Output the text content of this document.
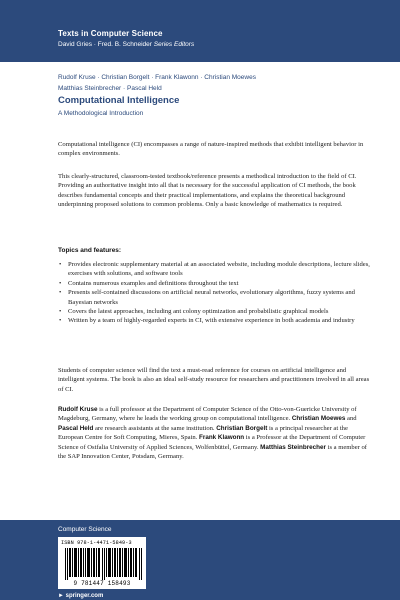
Texts in Computer Science
David Gries · Fred. B. Schneider Series Editors
Rudolf Kruse · Christian Borgelt · Frank Klawonn · Christian Moewes
Matthias Steinbrecher · Pascal Held
Computational Intelligence
A Methodological Introduction

Computational intelligence (CI) encompasses a range of nature-inspired methods that exhibit intelligent behavior in complex environments.

This clearly-structured, classroom-tested textbook/reference presents a methodical introduction to the field of CI. Providing an authoritative insight into all that is necessary for the successful application of CI methods, the book describes fundamental concepts and their practical implementations, and explains the theoretical background underpinning proposed solutions to common problems. Only a basic knowledge of mathematics is required.

Topics and features:
• Provides electronic supplementary material at an associated website, including module descriptions, lecture slides, exercises with solutions, and software tools
• Contains numerous examples and definitions throughout the text
• Presents self-contained discussions on artificial neural networks, evolutionary algorithms, fuzzy systems and Bayesian networks
• Covers the latest approaches, including ant colony optimization and probabilistic graphical models
• Written by a team of highly-regarded experts in CI, with extensive experience in both academia and industry

Students of computer science will find the text a must-read reference for courses on artificial intelligence and intelligent systems. The book is also an ideal self-study resource for researchers and practitioners involved in all areas of CI.

Rudolf Kruse is a full professor at the Department of Computer Science of the Otto-von-Guericke University of Magdeburg, Germany, where he leads the working group on computational intelligence. Christian Moewes and Pascal Held are research assistants at the same institution. Christian Borgelt is a principal researcher at the European Centre for Soft Computing, Mieres, Spain. Frank Klawonn is a Professor at the Department of Computer Science of Ostfalia University of Applied Sciences, Wolfenbüttel, Germany. Matthias Steinbrecher is a member of the SAP Innovation Center, Potsdam, Germany.

Computer Science
ISBN 978-1-4471-5849-3
9 781447 158493
► springer.com
